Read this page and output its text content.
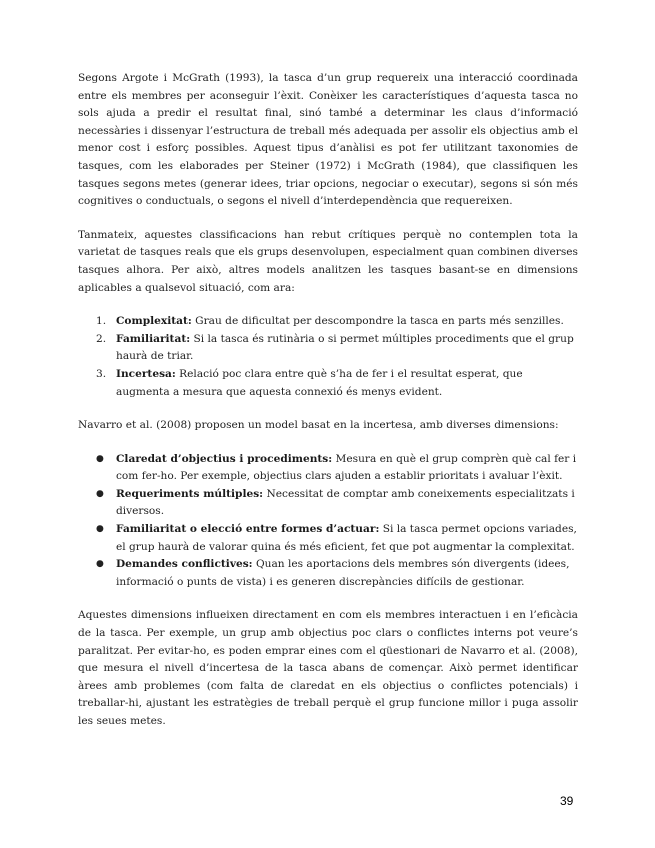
Segons Argote i McGrath (1993), la tasca d’un grup requereix una interacció coordinada entre els membres per aconseguir l’èxit. Conèixer les característiques d’aquesta tasca no sols ajuda a predir el resultat final, sinó també a determinar les claus d’informació necessàries i dissenyar l’estructura de treball més adequada per assolir els objectius amb el menor cost i esforç possibles. Aquest tipus d’anàlisi es pot fer utilitzant taxonomies de tasques, com les elaborades per Steiner (1972) i McGrath (1984), que classifiquen les tasques segons metes (generar idees, triar opcions, negociar o executar), segons si són més cognitives o conductuals, o segons el nivell d’interdependència que requereixen.

Tanmateix, aquestes classificacions han rebut crítiques perquè no contemplen tota la varietat de tasques reals que els grups desenvolupen, especialment quan combinen diverses tasques alhora. Per això, altres models analitzen les tasques basant-se en dimensions aplicables a qualsevol situació, com ara:

1. Complexitat: Grau de dificultat per descompondre la tasca en parts més senzilles.
2. Familiaritat: Si la tasca és rutinària o si permet múltiples procediments que el grup haurà de triar.
3. Incertesa: Relació poc clara entre què s’ha de fer i el resultat esperat, que augmenta a mesura que aquesta connexió és menys evident.

Navarro et al. (2008) proposen un model basat en la incertesa, amb diverses dimensions:

● Claredat d’objectius i procediments: Mesura en què el grup comprèn què cal fer i com fer-ho. Per exemple, objectius clars ajuden a establir prioritats i avaluar l’èxit.
● Requeriments múltiples: Necessitat de comptar amb coneixements especialitzats i diversos.
● Familiaritat o elecció entre formes d’actuar: Si la tasca permet opcions variades, el grup haurà de valorar quina és més eficient, fet que pot augmentar la complexitat.
● Demandes conflictives: Quan les aportacions dels membres són divergents (idees, informació o punts de vista) i es generen discrepàncies difícils de gestionar.

Aquestes dimensions influeixen directament en com els membres interactuen i en l’eficàcia de la tasca. Per exemple, un grup amb objectius poc clars o conflictes interns pot veure’s paralitzat. Per evitar-ho, es poden emprar eines com el qüestionari de Navarro et al. (2008), que mesura el nivell d’incertesa de la tasca abans de començar. Això permet identificar àrees amb problemes (com falta de claredat en els objectius o conflictes potencials) i treballar-hi, ajustant les estratègies de treball perquè el grup funcione millor i puga assolir les seues metes.

39
